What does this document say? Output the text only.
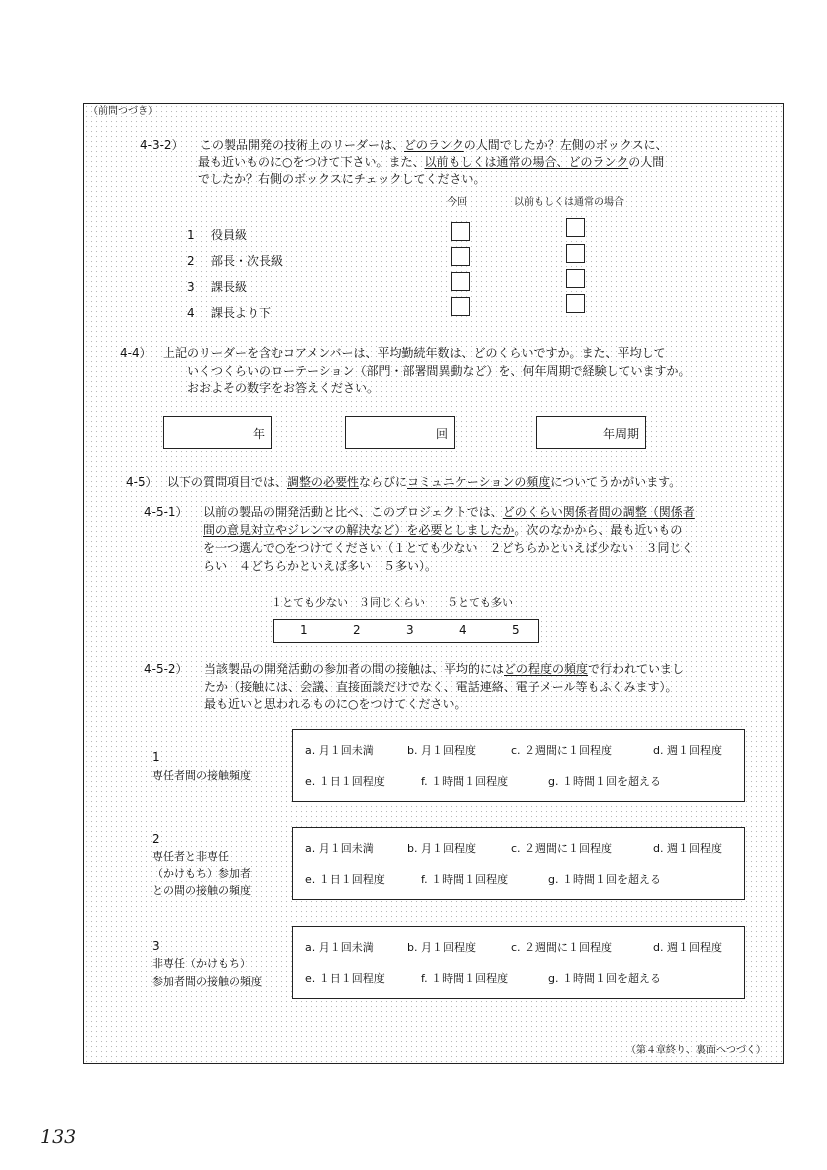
（前問つづき）
4-3-2） この製品開発の技術上のリーダーは、どのランクの人間でしたか？左側のボックスに、
最も近いものに○をつけて下さい。また、以前もしくは通常の場合、どのランクの人間
でしたか？右側のボックスにチェックしてください。
今回	以前もしくは通常の場合
1 役員級
2 部長・次長級
3 課長級
4 課長より下
4-4） 上記のリーダーを含むコアメンバーは、平均勤続年数は、どのくらいですか。また、平均して
いくつくらいのローテーション（部門・部署間異動など）を、何年周期で経験していますか。
おおよその数字をお答えください。
年	回	年周期
4-5） 以下の質問項目では、調整の必要性ならびにコミュニケーションの頻度についてうかがいます。
4-5-1） 以前の製品の開発活動と比べ、このプロジェクトでは、どのくらい関係者間の調整（関係者
間の意見対立やジレンマの解決など）を必要としましたか。次のなかから、最も近いもの
を一つ選んで○をつけてください（１とても少ない　２どちらかといえば少ない　３同じく
らい　４どちらかといえば多い　５多い）。
１とても少ない　３同じくらい　　５とても多い
1	2	3	4	5
4-5-2） 当該製品の開発活動の参加者の間の接触は、平均的にはどの程度の頻度で行われていまし
たか（接触には、会議、直接面談だけでなく、電話連絡、電子メール等もふくみます）。
最も近いと思われるものに○をつけてください。
1
専任者間の接触頻度
a. 月１回未満	b. 月１回程度	c. ２週間に１回程度	d. 週１回程度
e. １日１回程度	f. １時間１回程度	g. １時間１回を超える
2
専任者と非専任
（かけもち）参加者
との間の接触の頻度
a. 月１回未満	b. 月１回程度	c. ２週間に１回程度	d. 週１回程度
e. １日１回程度	f. １時間１回程度	g. １時間１回を超える
3
非専任（かけもち）
参加者間の接触の頻度
a. 月１回未満	b. 月１回程度	c. ２週間に１回程度	d. 週１回程度
e. １日１回程度	f. １時間１回程度	g. １時間１回を超える
（第４章終り、裏面へつづく）
133
